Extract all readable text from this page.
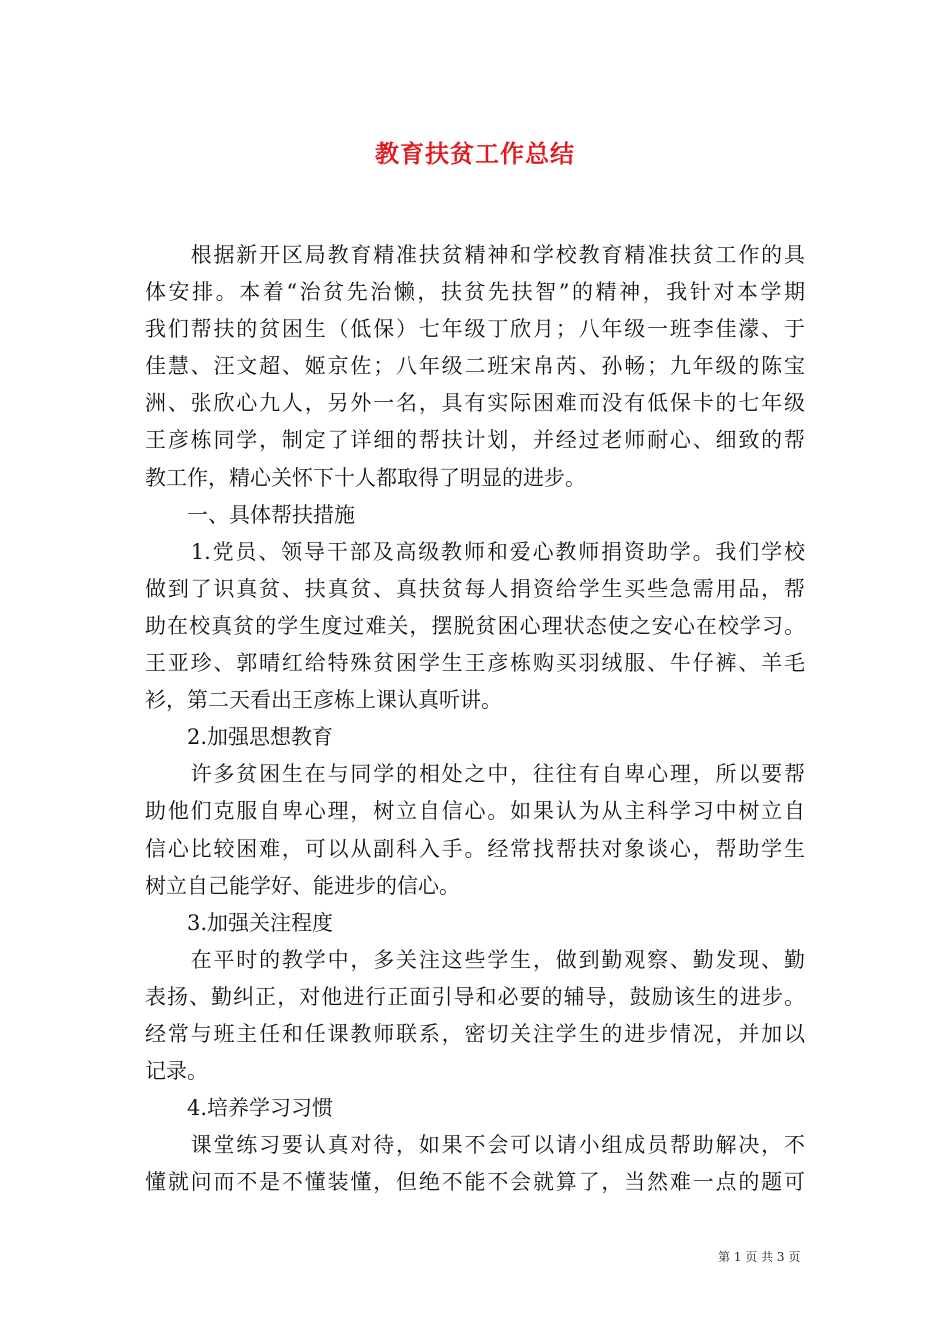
教育扶贫工作总结
　　根据新开区局教育精准扶贫精神和学校教育精准扶贫工作的具
体安排。本着“治贫先治懒，扶贫先扶智”的精神，我针对本学期
我们帮扶的贫困生（低保）七年级丁欣月；八年级一班李佳濛、于
佳慧、汪文超、姬京佐；八年级二班宋帛芮、孙畅；九年级的陈宝
洲、张欣心九人，另外一名，具有实际困难而没有低保卡的七年级
王彦栋同学，制定了详细的帮扶计划，并经过老师耐心、细致的帮
教工作，精心关怀下十人都取得了明显的进步。
　　一、具体帮扶措施
　　1.党员、领导干部及高级教师和爱心教师捐资助学。我们学校
做到了识真贫、扶真贫、真扶贫每人捐资给学生买些急需用品，帮
助在校真贫的学生度过难关，摆脱贫困心理状态使之安心在校学习。
王亚珍、郭晴红给特殊贫困学生王彦栋购买羽绒服、牛仔裤、羊毛
衫，第二天看出王彦栋上课认真听讲。
　　2.加强思想教育
　　许多贫困生在与同学的相处之中，往往有自卑心理，所以要帮
助他们克服自卑心理，树立自信心。如果认为从主科学习中树立自
信心比较困难，可以从副科入手。经常找帮扶对象谈心，帮助学生
树立自己能学好、能进步的信心。
　　3.加强关注程度
　　在平时的教学中，多关注这些学生，做到勤观察、勤发现、勤
表扬、勤纠正，对他进行正面引导和必要的辅导，鼓励该生的进步。
经常与班主任和任课教师联系，密切关注学生的进步情况，并加以
记录。
　　4.培养学习习惯
　　课堂练习要认真对待，如果不会可以请小组成员帮助解决，不
懂就问而不是不懂装懂，但绝不能不会就算了，当然难一点的题可
第 1 页 共 3 页
